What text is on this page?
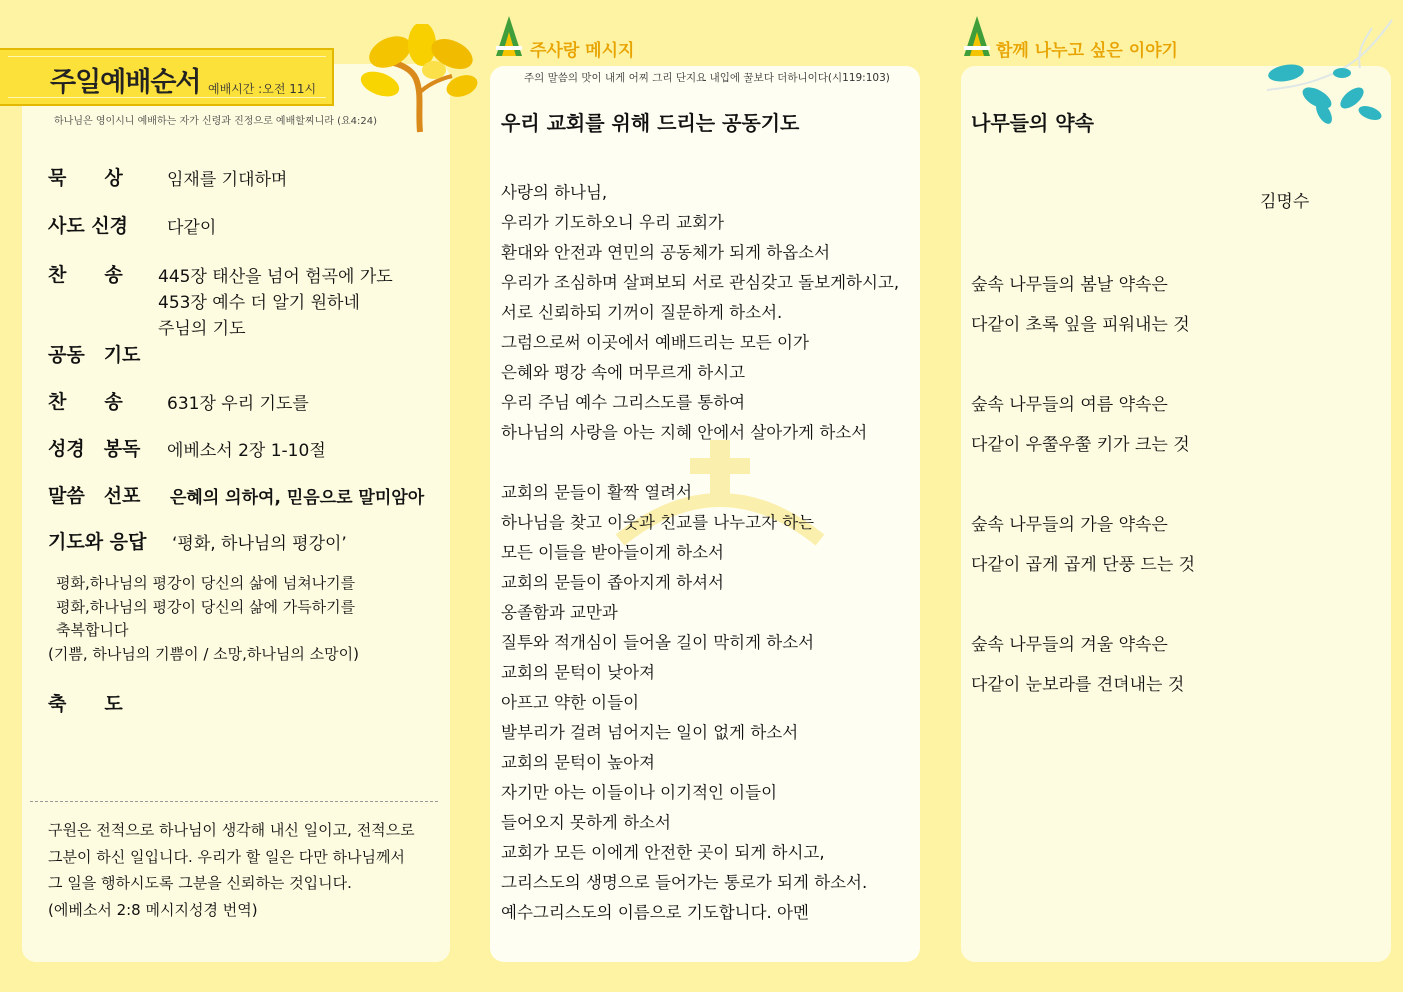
주일예배순서 예배시간 :오전 11시
하나님은 영이시니 예배하는 자가 신령과 진정으로 예배할찌니라 (요4:24)
묵　　상	임재를 기대하며
사도 신경 다같이
찬　　송 445장 태산을 넘어 험곡에 가도
453장 예수 더 알기 원하네
주님의 기도
공동　기도
찬　　송	631장 우리 기도를
성경　봉독 에베소서 2장 1-10절
말씀　선포 은혜의 의하여, 믿음으로 말미암아
기도와 응답 ‘평화, 하나님의 평강이’
평화,하나님의 평강이 당신의 삶에 넘쳐나기를
평화,하나님의 평강이 당신의 삶에 가득하기를
축복합니다
(기쁨, 하나님의 기쁨이 / 소망,하나님의 소망이)
축　　도
구원은 전적으로 하나님이 생각해 내신 일이고, 전적으로
그분이 하신 일입니다. 우리가 할 일은 다만 하나님께서
그 일을 행하시도록 그분을 신뢰하는 것입니다.
(에베소서 2:8 메시지성경 번역)
주사랑 메시지
주의 말씀의 맛이 내게 어찌 그리 단지요 내입에 꿀보다 더하니이다(시119:103)
우리 교회를 위해 드리는 공동기도
사랑의 하나님,
우리가 기도하오니 우리 교회가
환대와 안전과 연민의 공동체가 되게 하옵소서
우리가 조심하며 살펴보되 서로 관심갖고 돌보게하시고,
서로 신뢰하되 기꺼이 질문하게 하소서.
그럼으로써 이곳에서 예배드리는 모든 이가
은혜와 평강 속에 머무르게 하시고
우리 주님 예수 그리스도를 통하여
하나님의 사랑을 아는 지혜 안에서 살아가게 하소서
교회의 문들이 활짝 열려서
하나님을 찾고 이웃과 친교를 나누고자 하는
모든 이들을 받아들이게 하소서
교회의 문들이 좁아지게 하셔서
옹졸함과 교만과
질투와 적개심이 들어올 길이 막히게 하소서
교회의 문턱이 낮아져
아프고 약한 이들이
발부리가 걸려 넘어지는 일이 없게 하소서
교회의 문턱이 높아져
자기만 아는 이들이나 이기적인 이들이
들어오지 못하게 하소서
교회가 모든 이에게 안전한 곳이 되게 하시고,
그리스도의 생명으로 들어가는 통로가 되게 하소서.
예수그리스도의 이름으로 기도합니다. 아멘
함께 나누고 싶은 이야기
나무들의 약속
김명수
숲속 나무들의 봄날 약속은
다같이 초록 잎을 피워내는 것
숲속 나무들의 여름 약속은
다같이 우쭐우쭐 키가 크는 것
숲속 나무들의 가을 약속은
다같이 곱게 곱게 단풍 드는 것
숲속 나무들의 겨울 약속은
다같이 눈보라를 견뎌내는 것
